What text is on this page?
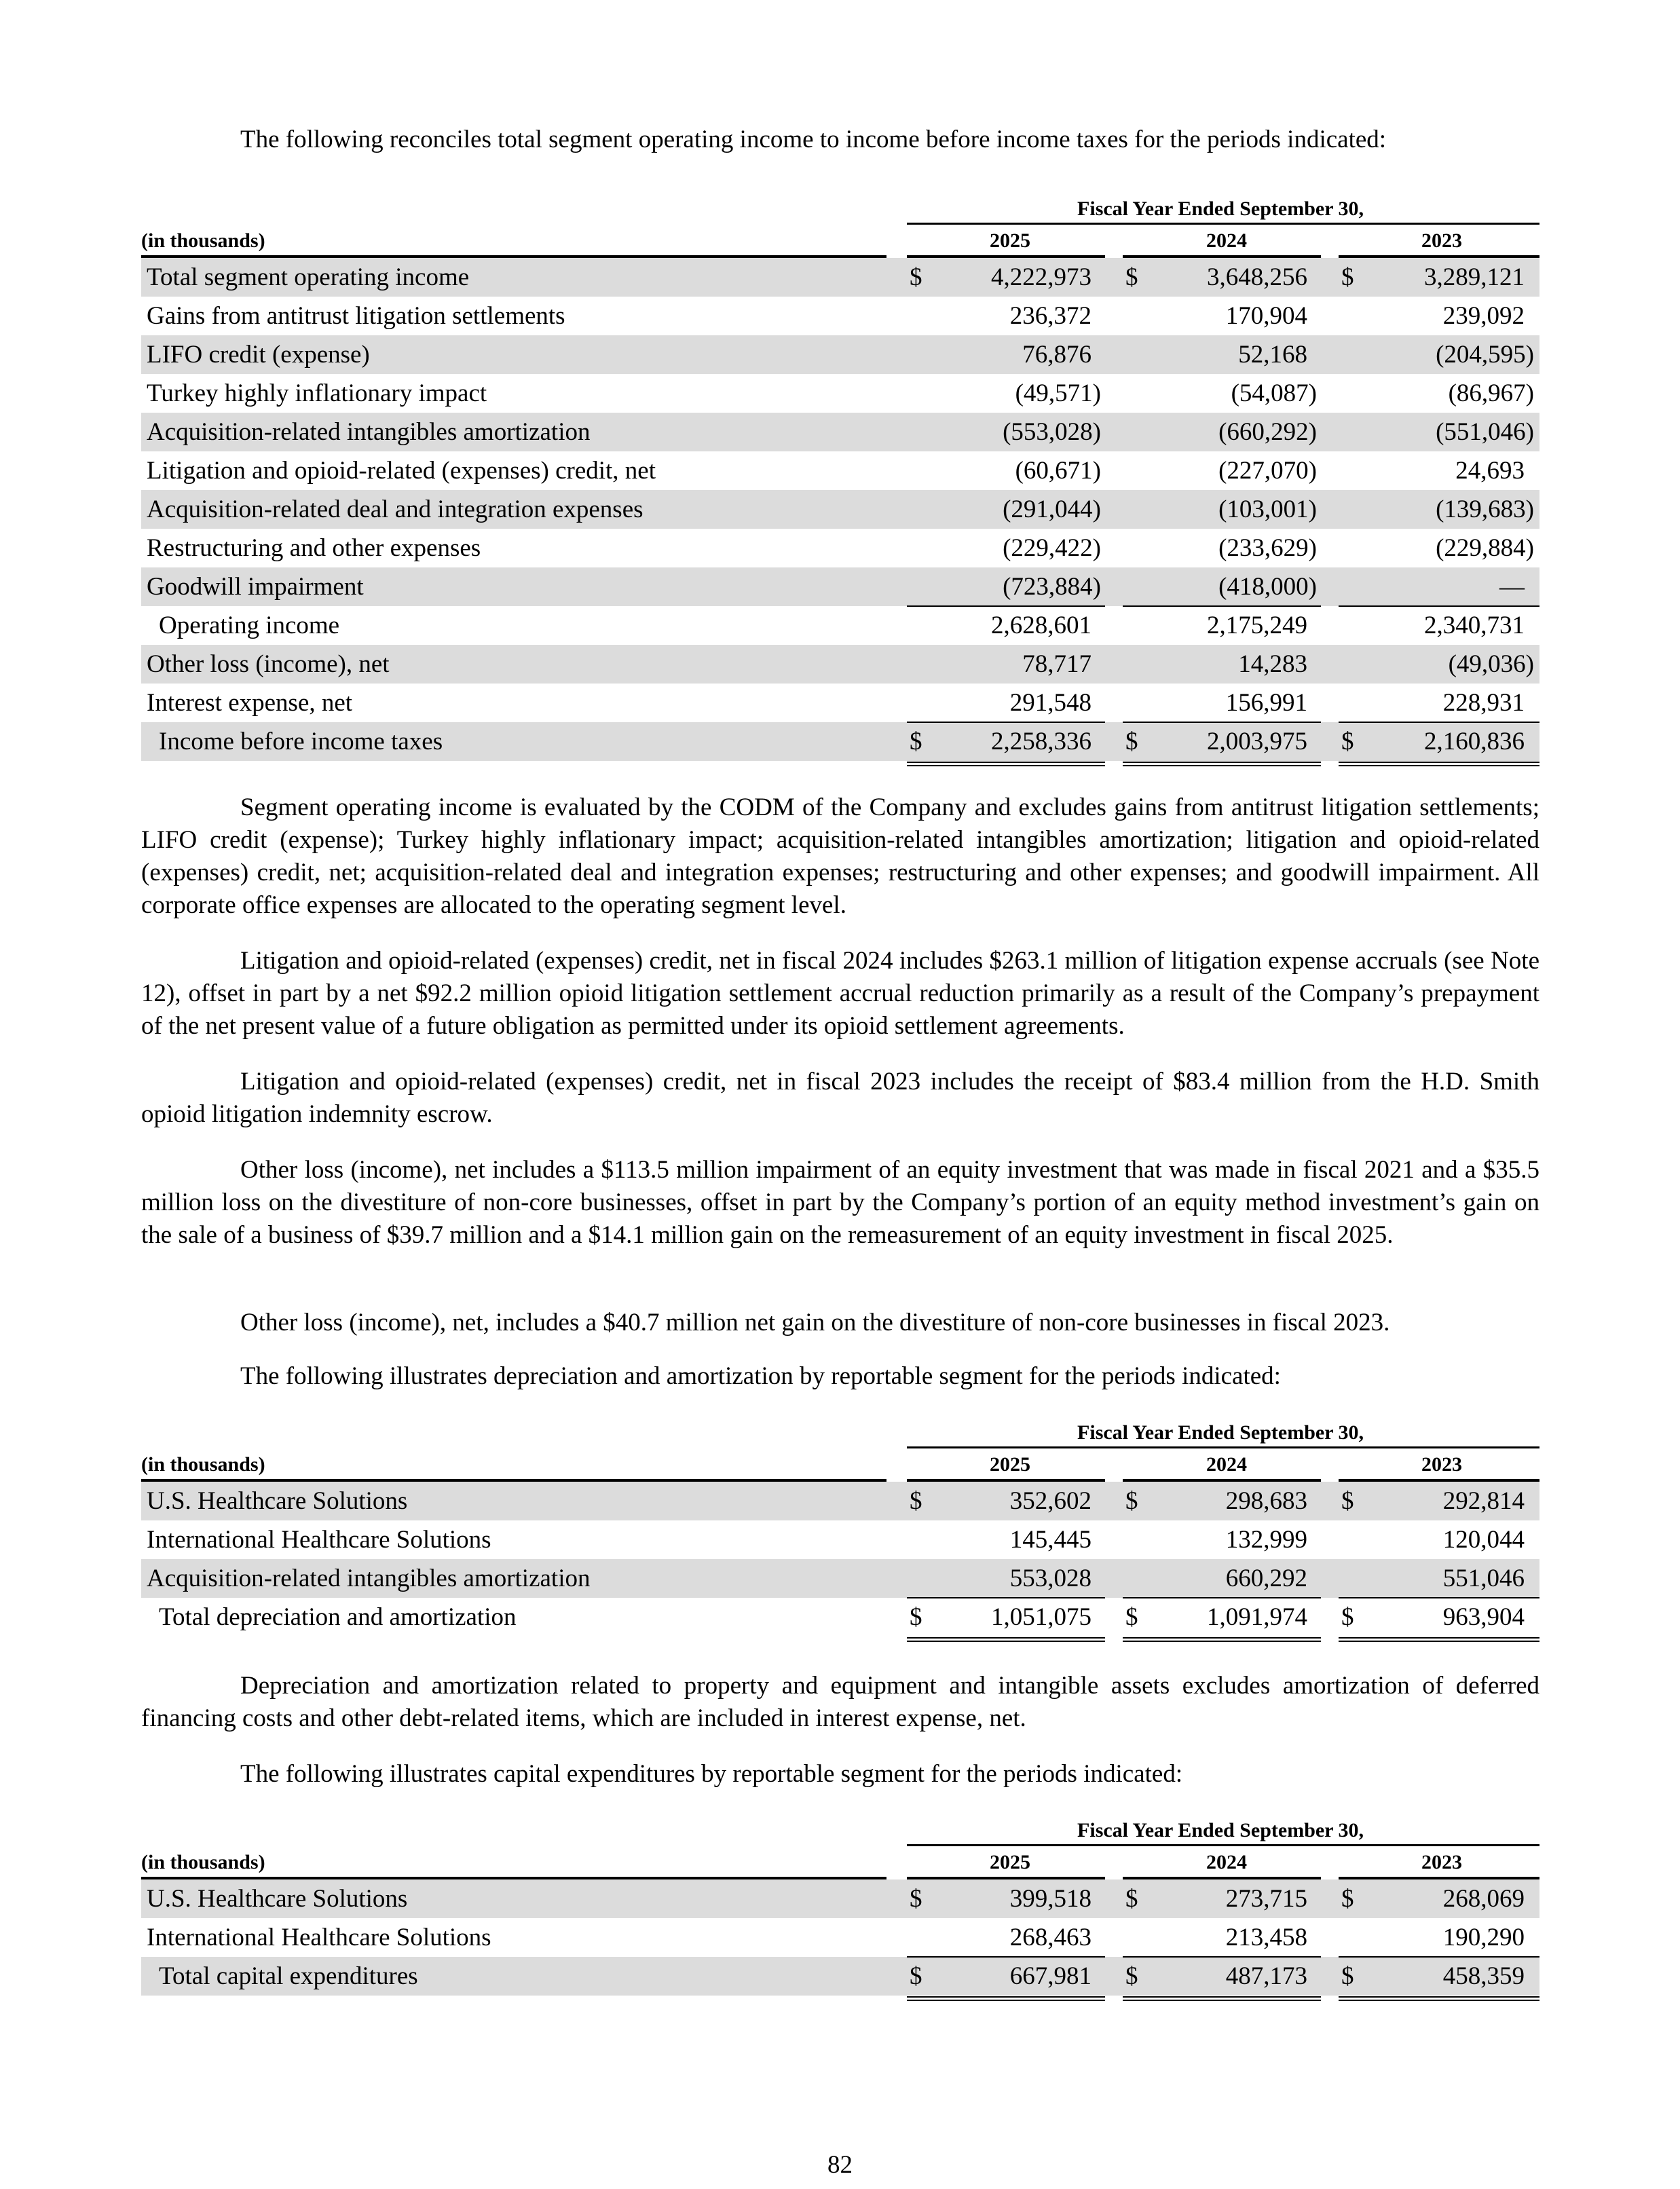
The following reconciles total segment operating income to income before income taxes for the periods indicated:

Fiscal Year Ended September 30,
(in thousands)	2025	2024	2023
Total segment operating income	$	4,222,973	$	3,648,256	$	3,289,121
Gains from antitrust litigation settlements	236,372	170,904	239,092
LIFO credit (expense)	76,876	52,168	(204,595)
Turkey highly inflationary impact	(49,571)	(54,087)	(86,967)
Acquisition-related intangibles amortization	(553,028)	(660,292)	(551,046)
Litigation and opioid-related (expenses) credit, net	(60,671)	(227,070)	24,693
Acquisition-related deal and integration expenses	(291,044)	(103,001)	(139,683)
Restructuring and other expenses	(229,422)	(233,629)	(229,884)
Goodwill impairment	(723,884)	(418,000)	—
Operating income	2,628,601	2,175,249	2,340,731
Other loss (income), net	78,717	14,283	(49,036)
Interest expense, net	291,548	156,991	228,931
Income before income taxes	$	2,258,336	$	2,003,975	$	2,160,836

Segment operating income is evaluated by the CODM of the Company and excludes gains from antitrust litigation settlements; LIFO credit (expense); Turkey highly inflationary impact; acquisition-related intangibles amortization; litigation and opioid-related (expenses) credit, net; acquisition-related deal and integration expenses; restructuring and other expenses; and goodwill impairment. All corporate office expenses are allocated to the operating segment level.

Litigation and opioid-related (expenses) credit, net in fiscal 2024 includes $263.1 million of litigation expense accruals (see Note 12), offset in part by a net $92.2 million opioid litigation settlement accrual reduction primarily as a result of the Company’s prepayment of the net present value of a future obligation as permitted under its opioid settlement agreements.

Litigation and opioid-related (expenses) credit, net in fiscal 2023 includes the receipt of $83.4 million from the H.D. Smith opioid litigation indemnity escrow.

Other loss (income), net includes a $113.5 million impairment of an equity investment that was made in fiscal 2021 and a $35.5 million loss on the divestiture of non-core businesses, offset in part by the Company’s portion of an equity method investment’s gain on the sale of a business of $39.7 million and a $14.1 million gain on the remeasurement of an equity investment in fiscal 2025.

Other loss (income), net, includes a $40.7 million net gain on the divestiture of non-core businesses in fiscal 2023.

The following illustrates depreciation and amortization by reportable segment for the periods indicated:

Fiscal Year Ended September 30,
(in thousands)	2025	2024	2023
U.S. Healthcare Solutions	$	352,602	$	298,683	$	292,814
International Healthcare Solutions	145,445	132,999	120,044
Acquisition-related intangibles amortization	553,028	660,292	551,046
Total depreciation and amortization	$	1,051,075	$	1,091,974	$	963,904

Depreciation and amortization related to property and equipment and intangible assets excludes amortization of deferred financing costs and other debt-related items, which are included in interest expense, net.

The following illustrates capital expenditures by reportable segment for the periods indicated:

Fiscal Year Ended September 30,
(in thousands)	2025	2024	2023
U.S. Healthcare Solutions	$	399,518	$	273,715	$	268,069
International Healthcare Solutions	268,463	213,458	190,290
Total capital expenditures	$	667,981	$	487,173	$	458,359
82
